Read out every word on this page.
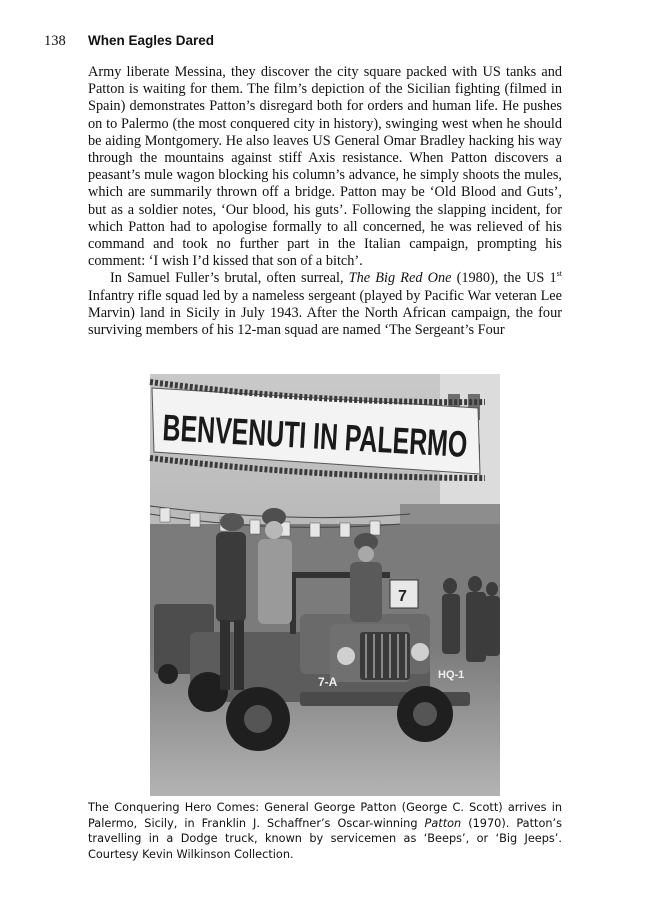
138 When Eagles Dared

Army liberate Messina, they discover the city square packed with US tanks and Patton is waiting for them. The film’s depiction of the Sicilian fighting (filmed in Spain) demonstrates Patton’s disregard both for orders and human life. He pushes on to Palermo (the most conquered city in history), swinging west when he should be aiding Montgomery. He also leaves US General Omar Bradley hacking his way through the mountains against stiff Axis resistance. When Patton discovers a peasant’s mule wagon blocking his column’s advance, he simply shoots the mules, which are summarily thrown off a bridge. Patton may be ‘Old Blood and Guts’, but as a soldier notes, ‘Our blood, his guts’. Following the slapping incident, for which Patton had to apologise formally to all concerned, he was relieved of his command and took no further part in the Italian campaign, prompting his comment: ‘I wish I’d kissed that son of a bitch’.

In Samuel Fuller’s brutal, often surreal, The Big Red One (1980), the US 1st Infantry rifle squad led by a nameless sergeant (played by Pacific War veteran Lee Marvin) land in Sicily in July 1943. After the North African campaign, the four surviving members of his 12-man squad are named ‘The Sergeant’s Four

BENVENUTI IN PALERMO
7-A	HQ-1
7
The Conquering Hero Comes: General George Patton (George C. Scott) arrives in Palermo, Sicily, in Franklin J. Schaffner’s Oscar-winning Patton (1970). Patton’s travelling in a Dodge truck, known by servicemen as ‘Beeps’, or ‘Big Jeeps’. Courtesy Kevin Wilkinson Collection.
